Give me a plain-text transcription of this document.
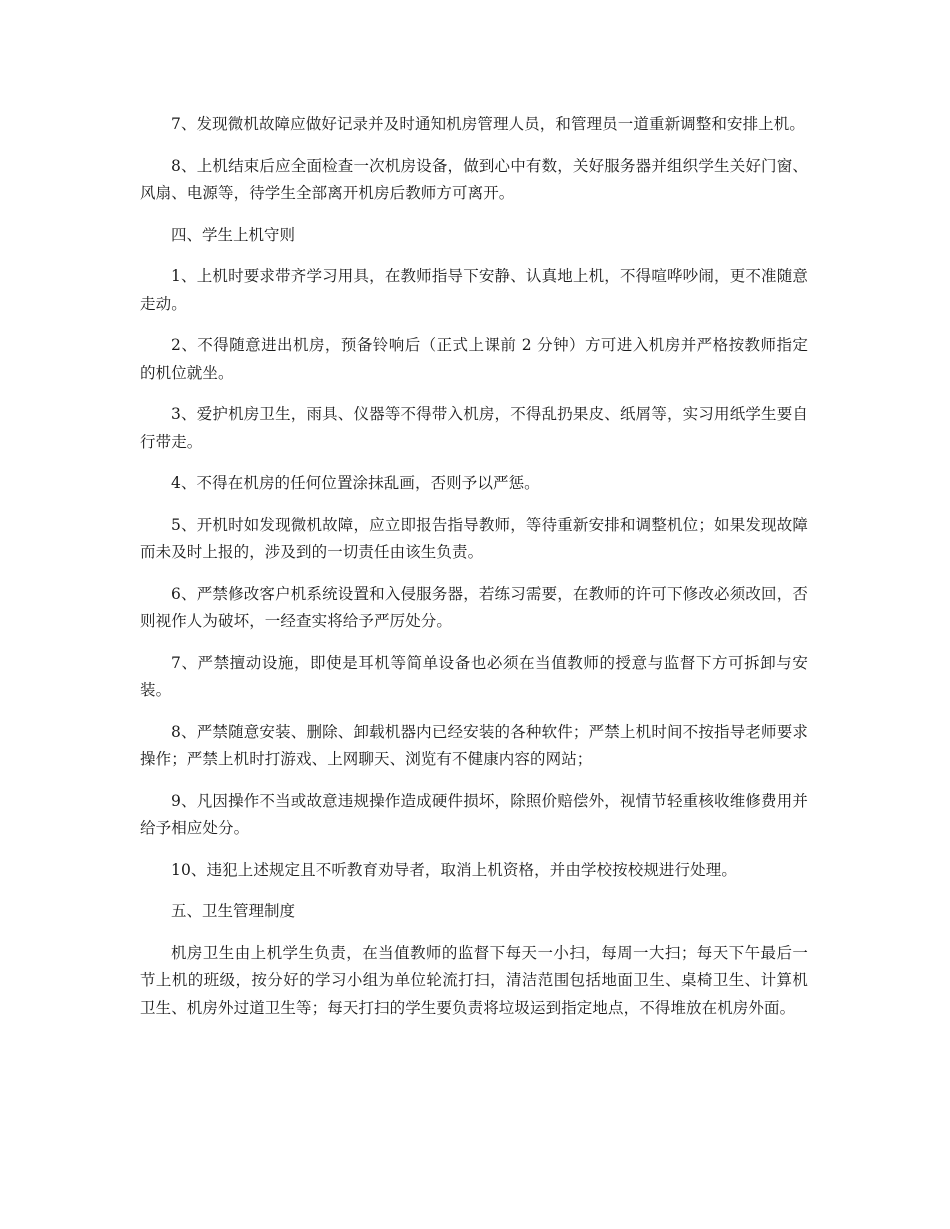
7、发现微机故障应做好记录并及时通知机房管理人员，和管理员一道重新调整和安排上机。

8、上机结束后应全面检查一次机房设备，做到心中有数，关好服务器并组织学生关好门窗、风扇、电源等，待学生全部离开机房后教师方可离开。

四、学生上机守则

1、上机时要求带齐学习用具，在教师指导下安静、认真地上机，不得喧哗吵闹，更不准随意走动。

2、不得随意进出机房，预备铃响后（正式上课前 2 分钟）方可进入机房并严格按教师指定的机位就坐。

3、爱护机房卫生，雨具、仪器等不得带入机房，不得乱扔果皮、纸屑等，实习用纸学生要自行带走。

4、不得在机房的任何位置涂抹乱画，否则予以严惩。

5、开机时如发现微机故障，应立即报告指导教师，等待重新安排和调整机位；如果发现故障而未及时上报的，涉及到的一切责任由该生负责。

6、严禁修改客户机系统设置和入侵服务器，若练习需要，在教师的许可下修改必须改回，否则视作人为破坏，一经查实将给予严厉处分。

7、严禁擅动设施，即使是耳机等简单设备也必须在当值教师的授意与监督下方可拆卸与安装。

8、严禁随意安装、删除、卸载机器内已经安装的各种软件；严禁上机时间不按指导老师要求操作；严禁上机时打游戏、上网聊天、浏览有不健康内容的网站；

9、凡因操作不当或故意违规操作造成硬件损坏，除照价赔偿外，视情节轻重核收维修费用并给予相应处分。

10、违犯上述规定且不听教育劝导者，取消上机资格，并由学校按校规进行处理。

五、卫生管理制度

机房卫生由上机学生负责，在当值教师的监督下每天一小扫，每周一大扫；每天下午最后一节上机的班级，按分好的学习小组为单位轮流打扫，清洁范围包括地面卫生、桌椅卫生、计算机卫生、机房外过道卫生等；每天打扫的学生要负责将垃圾运到指定地点，不得堆放在机房外面。
